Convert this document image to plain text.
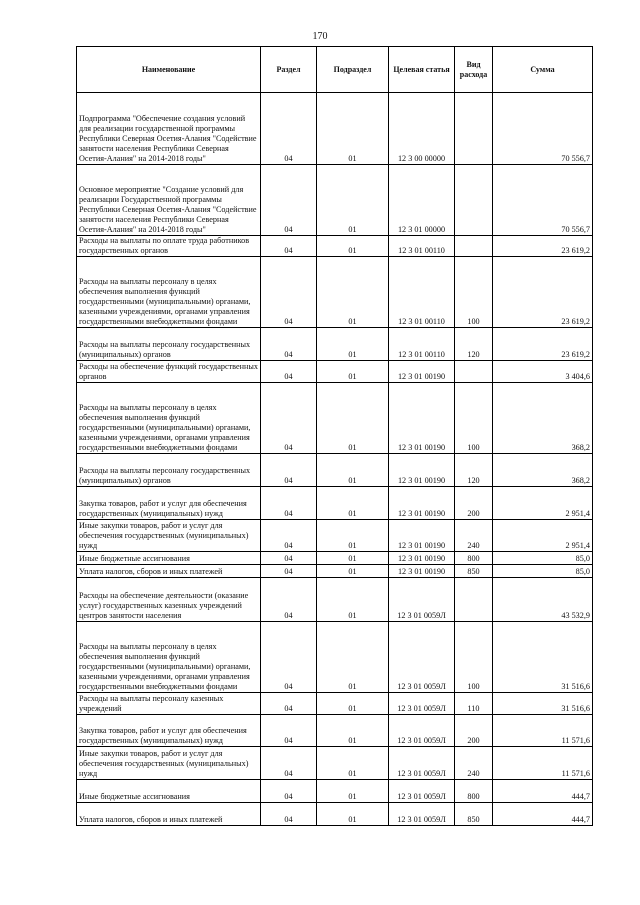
170
Наименование	Раздел	Подраздел	Целевая статья	Вид расхода	Сумма
Подпрограмма "Обеспечение создания условий для реализации государственной программы Республики Северная Осетия-Алания "Содействие занятости населения Республики Северная Осетия-Алания" на 2014-2018 годы"	04	01	12 3 00 00000		70 556,7
Основное мероприятие "Создание условий для реализации Государственной программы Республики Северная Осетия-Алания "Содействие занятости населения Республики Северная Осетия-Алания" на 2014-2018 годы"	04	01	12 3 01 00000		70 556,7
Расходы на выплаты по оплате труда работников государственных органов	04	01	12 3 01 00110		23 619,2
Расходы на выплаты персоналу в целях обеспечения выполнения функций государственными (муниципальными) органами, казенными учреждениями, органами управления государственными внебюджетными фондами	04	01	12 3 01 00110	100	23 619,2
Расходы на выплаты персоналу государственных (муниципальных) органов	04	01	12 3 01 00110	120	23 619,2
Расходы на обеспечение функций государственных органов	04	01	12 3 01 00190		3 404,6
Расходы на выплаты персоналу в целях обеспечения выполнения функций государственными (муниципальными) органами, казенными учреждениями, органами управления государственными внебюджетными фондами	04	01	12 3 01 00190	100	368,2
Расходы на выплаты персоналу государственных (муниципальных) органов	04	01	12 3 01 00190	120	368,2
Закупка товаров, работ и услуг для обеспечения государственных (муниципальных) нужд	04	01	12 3 01 00190	200	2 951,4
Иные закупки товаров, работ и услуг для обеспечения государственных (муниципальных) нужд	04	01	12 3 01 00190	240	2 951,4
Иные бюджетные ассигнования	04	01	12 3 01 00190	800	85,0
Уплата налогов, сборов и иных платежей	04	01	12 3 01 00190	850	85,0
Расходы на обеспечение деятельности (оказание услуг) государственных казенных учреждений центров занятости населения	04	01	12 3 01 0059Л		43 532,9
Расходы на выплаты персоналу в целях обеспечения выполнения функций государственными (муниципальными) органами, казенными учреждениями, органами управления государственными внебюджетными фондами	04	01	12 3 01 0059Л	100	31 516,6
Расходы на выплаты персоналу казенных учреждений	04	01	12 3 01 0059Л	110	31 516,6
Закупка товаров, работ и услуг для обеспечения государственных (муниципальных) нужд	04	01	12 3 01 0059Л	200	11 571,6
Иные закупки товаров, работ и услуг для обеспечения государственных (муниципальных) нужд	04	01	12 3 01 0059Л	240	11 571,6
Иные бюджетные ассигнования	04	01	12 3 01 0059Л	800	444,7
Уплата налогов, сборов и иных платежей	04	01	12 3 01 0059Л	850	444,7
